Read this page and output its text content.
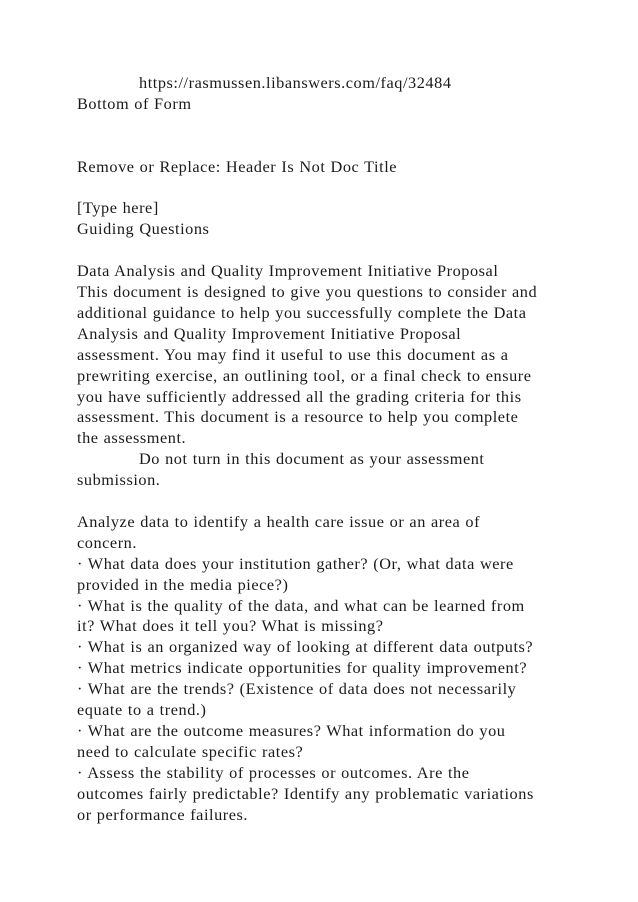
https://rasmussen.libanswers.com/faq/32484
Bottom of Form
Remove or Replace: Header Is Not Doc Title
[Type here]
Guiding Questions
Data Analysis and Quality Improvement Initiative Proposal
This document is designed to give you questions to consider and
additional guidance to help you successfully complete the Data
Analysis and Quality Improvement Initiative Proposal
assessment. You may find it useful to use this document as a
prewriting exercise, an outlining tool, or a final check to ensure
you have sufficiently addressed all the grading criteria for this
assessment. This document is a resource to help you complete
the assessment.
Do not turn in this document as your assessment
submission.
Analyze data to identify a health care issue or an area of
concern.
· What data does your institution gather? (Or, what data were
provided in the media piece?)
· What is the quality of the data, and what can be learned from
it? What does it tell you? What is missing?
· What is an organized way of looking at different data outputs?
· What metrics indicate opportunities for quality improvement?
· What are the trends? (Existence of data does not necessarily
equate to a trend.)
· What are the outcome measures? What information do you
need to calculate specific rates?
· Assess the stability of processes or outcomes. Are the
outcomes fairly predictable? Identify any problematic variations
or performance failures.
